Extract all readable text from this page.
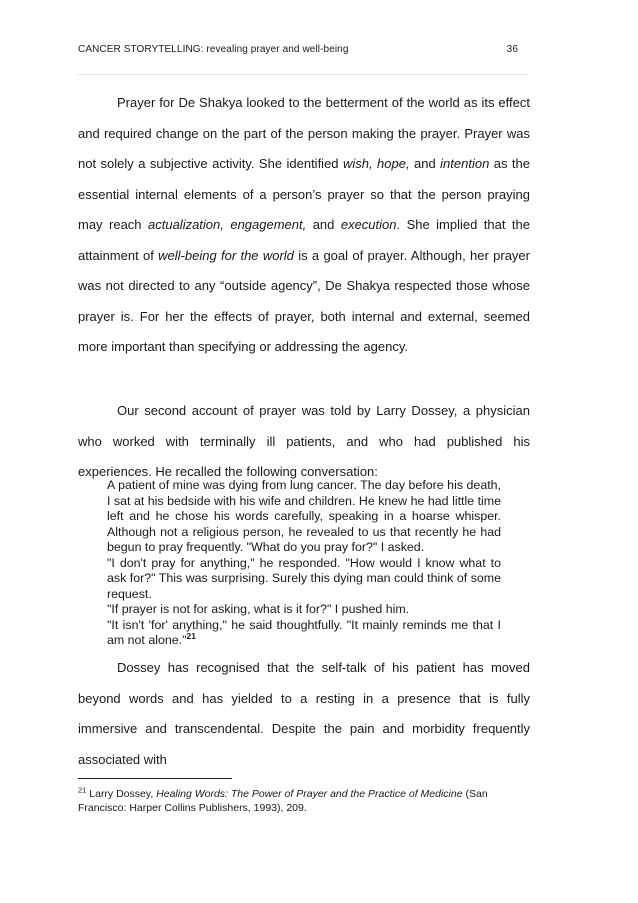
CANCER STORYTELLING: revealing prayer and well-being	36

Prayer for De Shakya looked to the betterment of the world as its effect and required change on the part of the person making the prayer. Prayer was not solely a subjective activity. She identified wish, hope, and intention as the essential internal elements of a person’s prayer so that the person praying may reach actualization, engagement, and execution. She implied that the attainment of well-being for the world is a goal of prayer. Although, her prayer was not directed to any “outside agency”, De Shakya respected those whose prayer is. For her the effects of prayer, both internal and external, seemed more important than specifying or addressing the agency.

Our second account of prayer was told by Larry Dossey, a physician who worked with terminally ill patients, and who had published his experiences. He recalled the following conversation:

A patient of mine was dying from lung cancer. The day before his death, I sat at his bedside with his wife and children. He knew he had little time left and he chose his words carefully, speaking in a hoarse whisper. Although not a religious person, he revealed to us that recently he had begun to pray frequently. "What do you pray for?" I asked.
"I don't pray for anything," he responded. "How would I know what to ask for?" This was surprising. Surely this dying man could think of some request.
"If prayer is not for asking, what is it for?" I pushed him.
"It isn't 'for' anything," he said thoughtfully. "It mainly reminds me that I am not alone."$^{21}$

Dossey has recognised that the self-talk of his patient has moved beyond words and has yielded to a resting in a presence that is fully immersive and transcendental. Despite the pain and morbidity frequently associated with

$^{21}$ Larry Dossey, Healing Words: The Power of Prayer and the Practice of Medicine (San Francisco: Harper Collins Publishers, 1993), 209.
